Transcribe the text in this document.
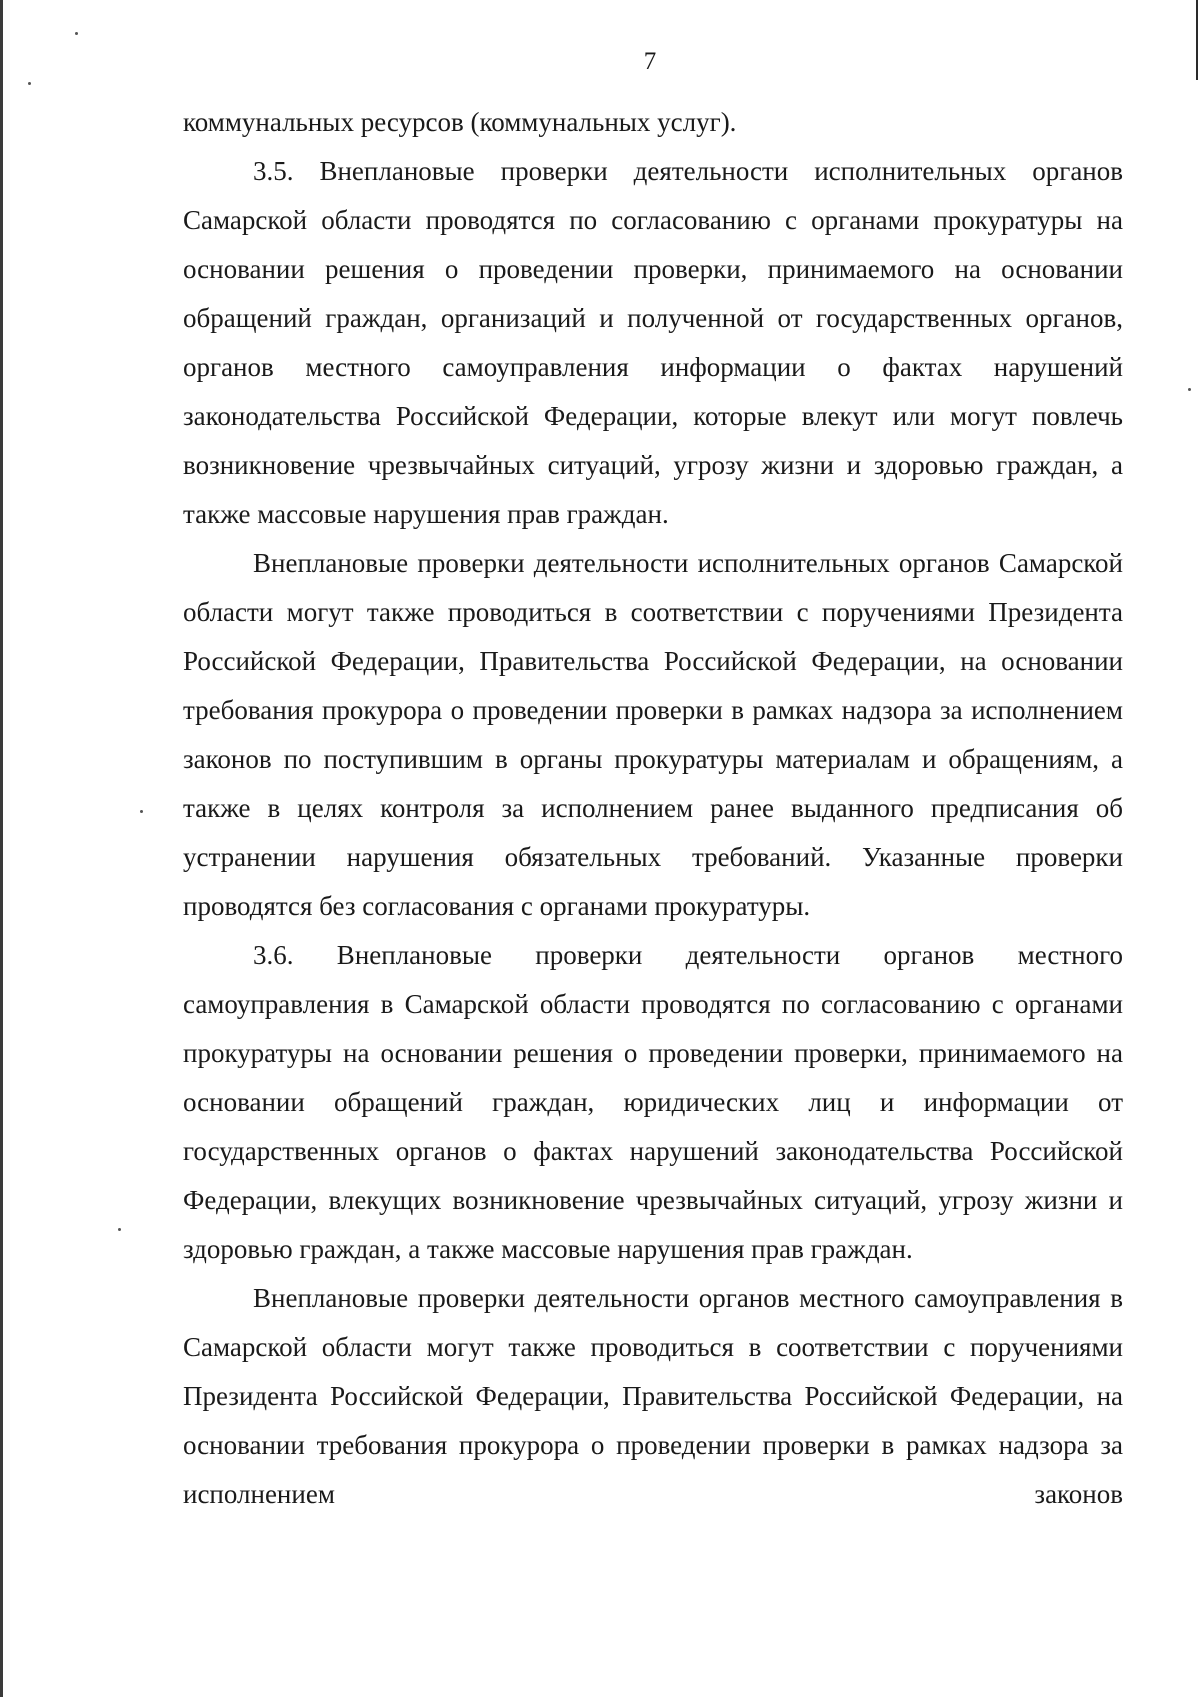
7

коммунальных ресурсов (коммунальных услуг).

3.5. Внеплановые проверки деятельности исполнительных органов Самарской области проводятся по согласованию с органами прокуратуры на основании решения о проведении проверки, принимаемого на основании обращений граждан, организаций и полученной от государственных органов, органов местного самоуправления информации о фактах нарушений законодательства Российской Федерации, которые влекут или могут повлечь возникновение чрезвычайных ситуаций, угрозу жизни и здоровью граждан, а также массовые нарушения прав граждан.

Внеплановые проверки деятельности исполнительных органов Самарской области могут также проводиться в соответствии с поручениями Президента Российской Федерации, Правительства Российской Федерации, на основании требования прокурора о проведении проверки в рамках надзора за исполнением законов по поступившим в органы прокуратуры материалам и обращениям, а также в целях контроля за исполнением ранее выданного предписания об устранении нарушения обязательных требований. Указанные проверки проводятся без согласования с органами прокуратуры.

3.6. Внеплановые проверки деятельности органов местного самоуправления в Самарской области проводятся по согласованию с органами прокуратуры на основании решения о проведении проверки, принимаемого на основании обращений граждан, юридических лиц и информации от государственных органов о фактах нарушений законодательства Российской Федерации, влекущих возникновение чрезвычайных ситуаций, угрозу жизни и здоровью граждан, а также массовые нарушения прав граждан.

Внеплановые проверки деятельности органов местного самоуправления в Самарской области могут также проводиться в соответствии с поручениями Президента Российской Федерации, Правительства Российской Федерации, на основании требования прокурора о проведении проверки в рамках надзора за исполнением законов
